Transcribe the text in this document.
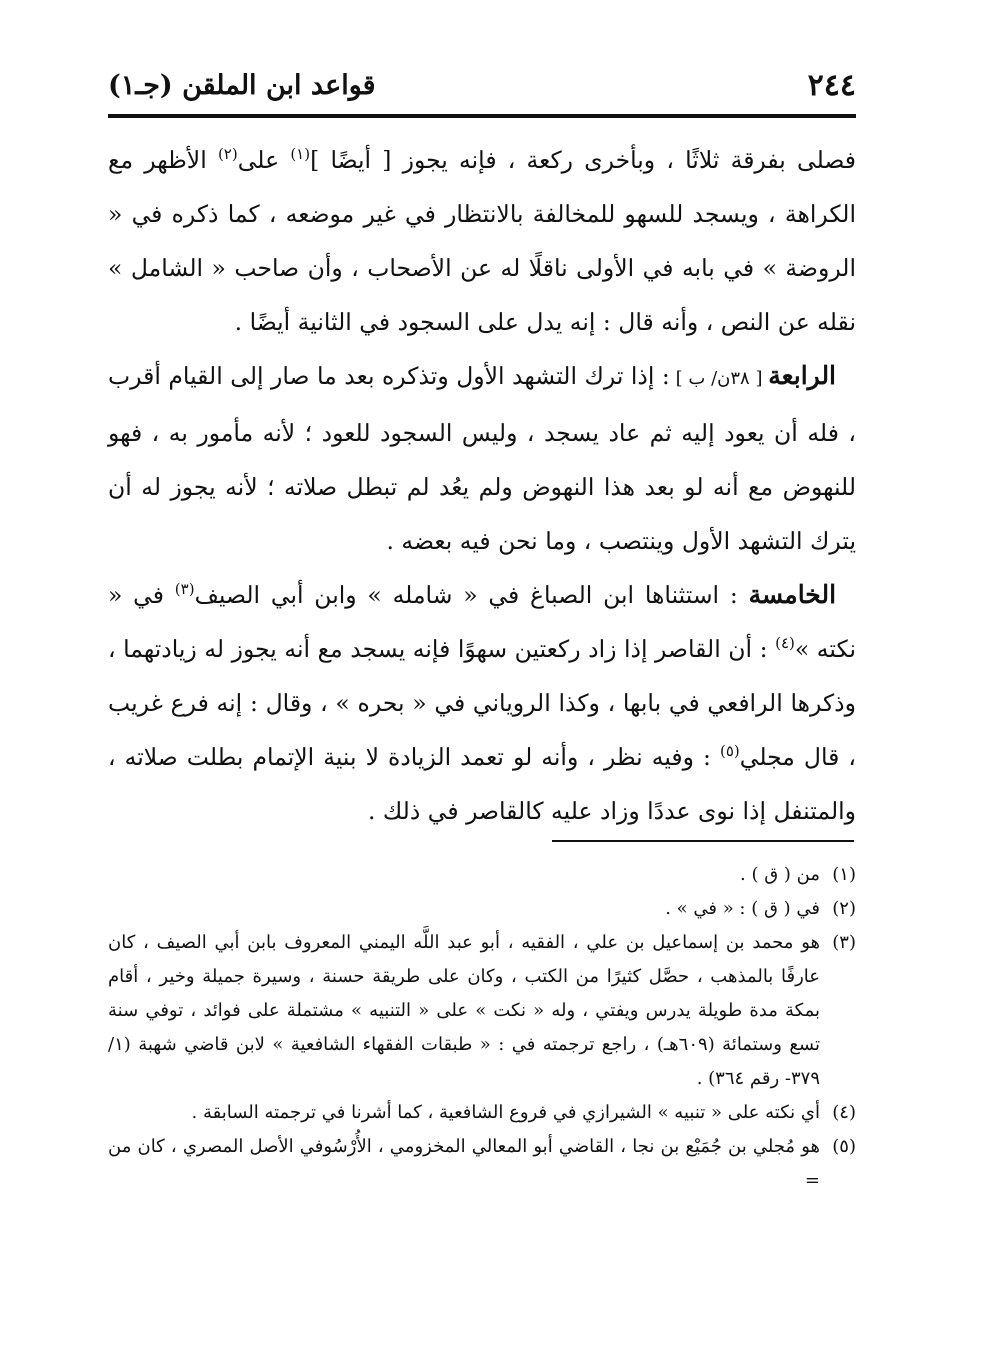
٢٤٤
قواعد ابن الملقن (جـ١)

فصلى بفرقة ثلاثًا ، وبأخرى ركعة ، فإنه يجوز [ أيضًا ]$^{(١)}$ على$^{(٢)}$ الأظهر مع الكراهة ، ويسجد للسهو للمخالفة بالانتظار في غير موضعه ، كما ذكره في « الروضة » في بابه في الأولى ناقلًا له عن الأصحاب ، وأن صاحب « الشامل » نقله عن النص ، وأنه قال : إنه يدل على السجود في الثانية أيضًا .

الرابعة [ ٣٨ن/ ب ] : إذا ترك التشهد الأول وتذكره بعد ما صار إلى القيام أقرب ، فله أن يعود إليه ثم عاد يسجد ، وليس السجود للعود ؛ لأنه مأمور به ، فهو للنهوض مع أنه لو بعد هذا النهوض ولم يعُد لم تبطل صلاته ؛ لأنه يجوز له أن يترك التشهد الأول وينتصب ، وما نحن فيه بعضه .

الخامسة : استثناها ابن الصباغ في « شامله » وابن أبي الصيف$^{(٣)}$ في « نكته »$^{(٤)}$ : أن القاصر إذا زاد ركعتين سهوًا فإنه يسجد مع أنه يجوز له زيادتهما ، وذكرها الرافعي في بابها ، وكذا الروياني في « بحره » ، وقال : إنه فرع غريب ، قال مجلي$^{(٥)}$ : وفيه نظر ، وأنه لو تعمد الزيادة لا بنية الإتمام بطلت صلاته ، والمتنفل إذا نوى عددًا وزاد عليه كالقاصر في ذلك .

(١)
من ( ق ) .
(٢)
في ( ق ) : « في » .
(٣)
هو محمد بن إسماعيل بن علي ، الفقيه ، أبو عبد اللَّه اليمني المعروف بابن أبي الصيف ، كان عارفًا بالمذهب ، حصَّل كثيرًا من الكتب ، وكان على طريقة حسنة ، وسيرة جميلة وخير ، أقام بمكة مدة طويلة يدرس ويفتي ، وله « نكت » على « التنبيه » مشتملة على فوائد ، توفي سنة تسع وستمائة (٦٠٩هـ) ، راجع ترجمته في : « طبقات الفقهاء الشافعية » لابن قاضي شهبة (١/ ٣٧٩- رقم ٣٦٤) .
(٤)
أي نكته على « تنبيه » الشيرازي في فروع الشافعية ، كما أشرنا في ترجمته السابقة .
(٥)
هو مُجلي بن جُمَيْع بن نجا ، القاضي أبو المعالي المخزومي ، الأُرْسُوفي الأصل المصري ، كان من =
